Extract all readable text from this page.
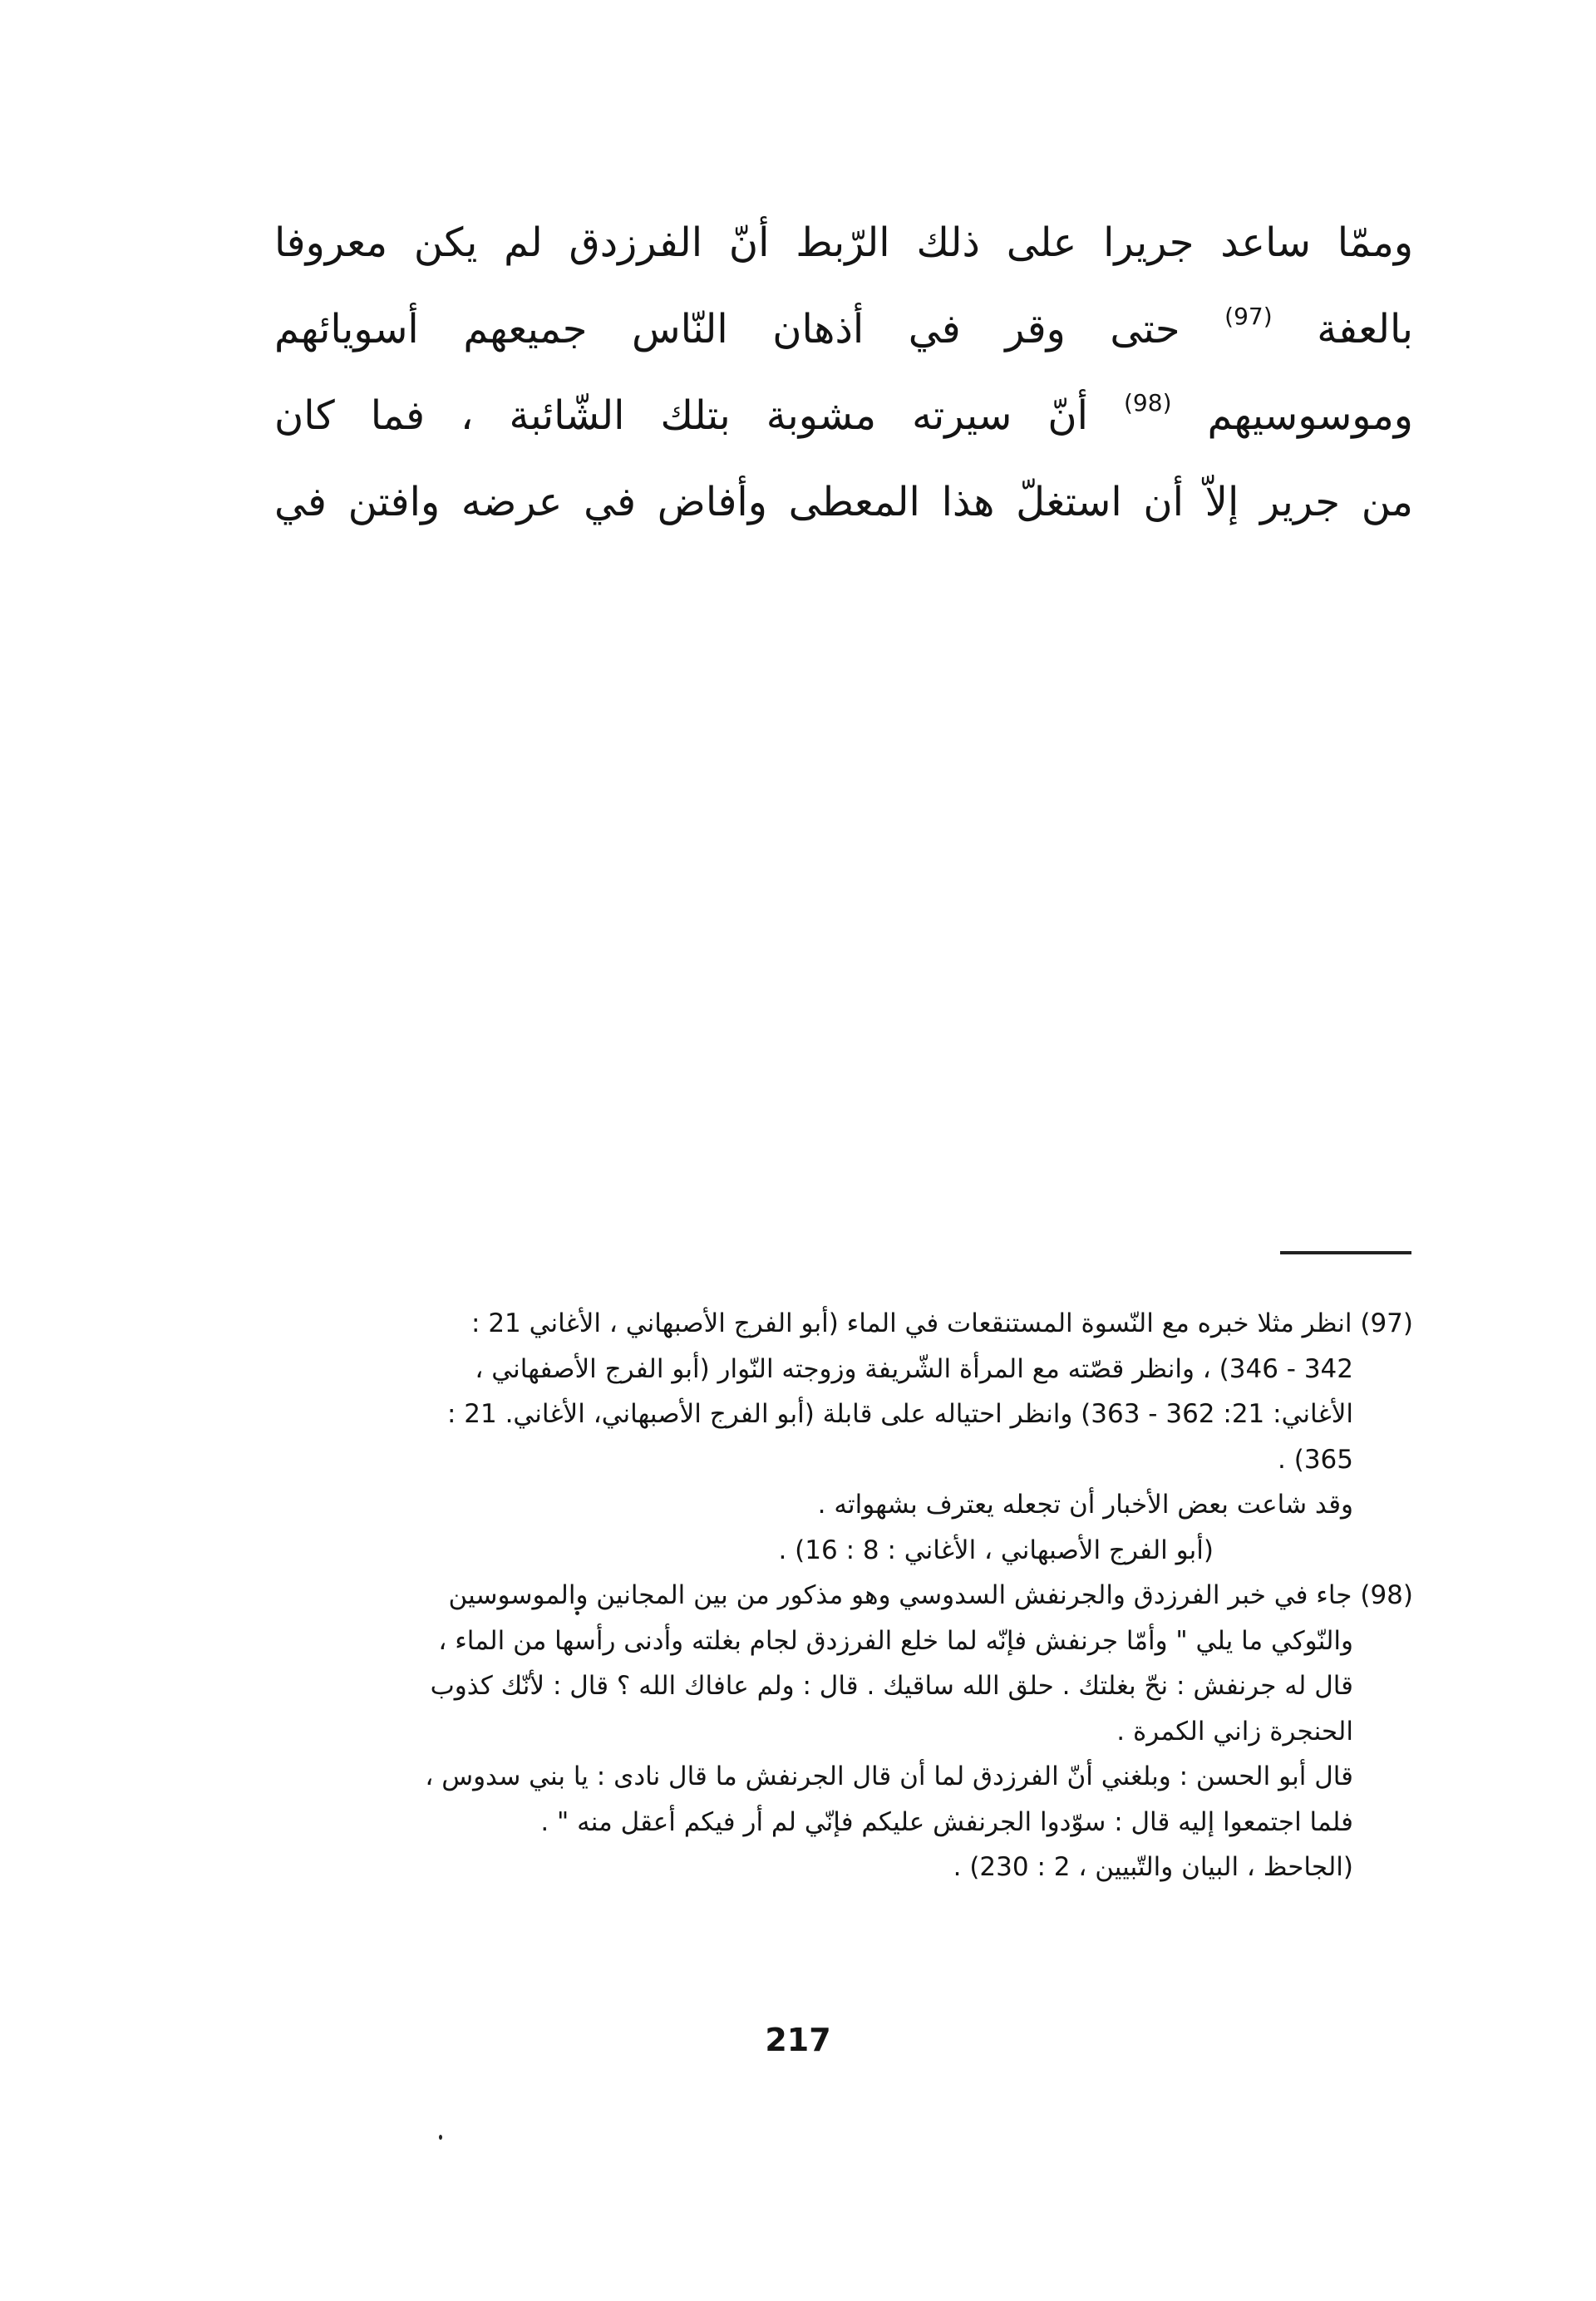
وممّا ساعد جريرا على ذلك الرّبط أنّ الفرزدق لم يكن معروفا
بالعفة $^{(97)}$ حتى وقر في أذهان النّاس جميعهم أسويائهم
وموسوسيهم $^{(98)}$ أنّ سيرته مشوبة بتلك الشّائبة ، فما كان
من جرير إلاّ أن استغلّ هذا المعطى وأفاض في عرضه وافتن في
(97) انظر مثلا خبره مع النّسوة المستنقعات في الماء (أبو الفرج الأصبهاني ، الأغاني 21 :
342 - 346) ، وانظر قصّته مع المرأة الشّريفة وزوجته النّوار (أبو الفرج الأصفهاني ،
الأغاني: 21: 362 - 363) وانظر احتياله على قابلة (أبو الفرج الأصبهاني، الأغاني. 21 :
365) .
وقد شاعت بعض الأخبار أن تجعله يعترف بشهواته .
(أبو الفرج الأصبهاني ، الأغاني : 8 : 16) .
(98) جاء في خبر الفرزدق والجرنفش السدوسي وهو مذكور من بين المجانين والموسوسين
والنّوكي ما يلي " وأمّا جرنفش فإنّه لما خلع الفرزدق لجام بغلته وأدنى رأسها من الماء ،
قال له جرنفش : نحّ بغلتك . حلق الله ساقيك . قال : ولم عافاك الله ؟ قال : لأنّك كذوب
الحنجرة زاني الكمرة .
قال أبو الحسن : وبلغني أنّ الفرزدق لما أن قال الجرنفش ما قال نادى : يا بني سدوس ،
فلما اجتمعوا إليه قال : سوّدوا الجرنفش عليكم فإنّي لم أر فيكم أعقل منه " .
(الجاحظ ، البيان والتّبيين ، 2 : 230) .
217
